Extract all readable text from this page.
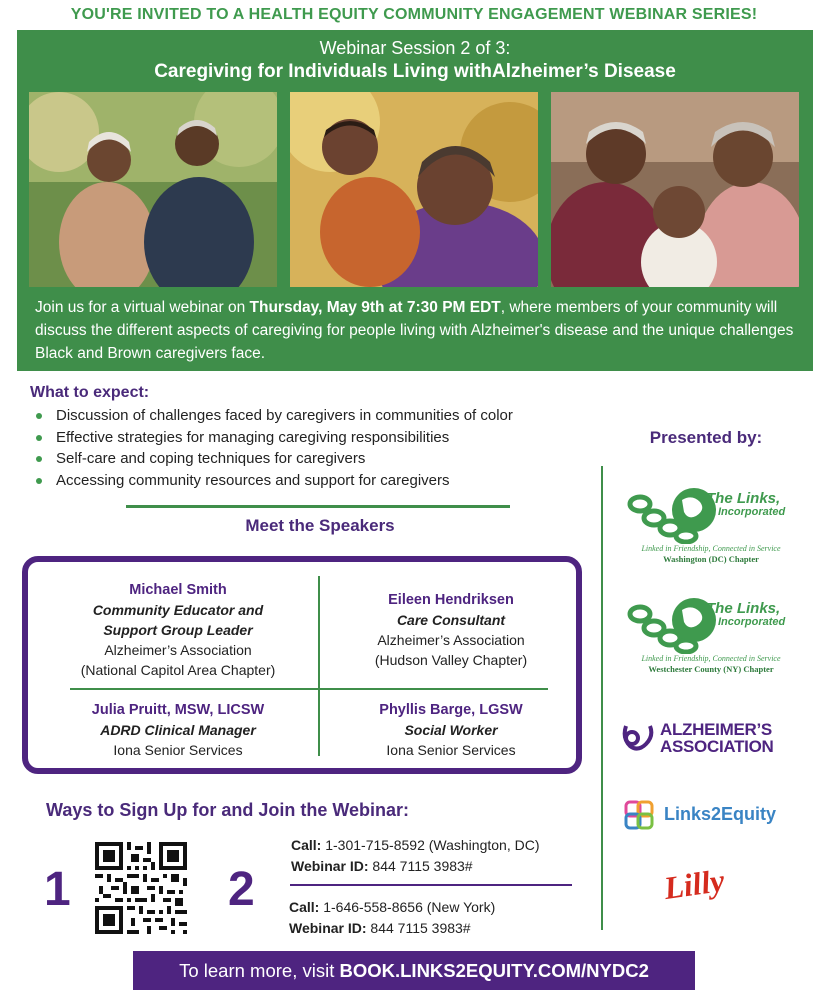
YOU'RE INVITED TO A HEALTH EQUITY COMMUNITY ENGAGEMENT WEBINAR SERIES!
Webinar Session 2 of 3:
Caregiving for Individuals Living withAlzheimer’s Disease
Join us for a virtual webinar on Thursday, May 9th at 7:30 PM EDT, where members of your community will discuss the different aspects of caregiving for people living with Alzheimer's disease and the unique challenges Black and Brown caregivers face.
What to expect:
Discussion of challenges faced by caregivers in communities of color
Effective strategies for managing caregiving responsibilities
Self-care and coping techniques for caregivers
Accessing community resources and support for caregivers
Meet the Speakers
Michael Smith
Community Educator and
Support Group Leader
Alzheimer’s Association
(National Capitol Area Chapter)
Eileen Hendriksen
Care Consultant
Alzheimer’s Association
(Hudson Valley Chapter)
Julia Pruitt, MSW, LICSW
ADRD Clinical Manager
Iona Senior Services
Phyllis Barge, LGSW
Social Worker
Iona Senior Services
Presented by:
The Links,
Incorporated
Linked in Friendship, Connected in Service
Washington (DC) Chapter
The Links,
Incorporated
Linked in Friendship, Connected in Service
Westchester County (NY) Chapter
ALZHEIMER’S
ASSOCIATION
Links2Equity
Lilly
Ways to Sign Up for and Join the Webinar:
1	2
Call: 1-301-715-8592 (Washington, DC)
Webinar ID: 844 7115 3983#
Call: 1-646-558-8656 (New York)
Webinar ID: 844 7115 3983#
To learn more, visit BOOK.LINKS2EQUITY.COM/NYDC2
